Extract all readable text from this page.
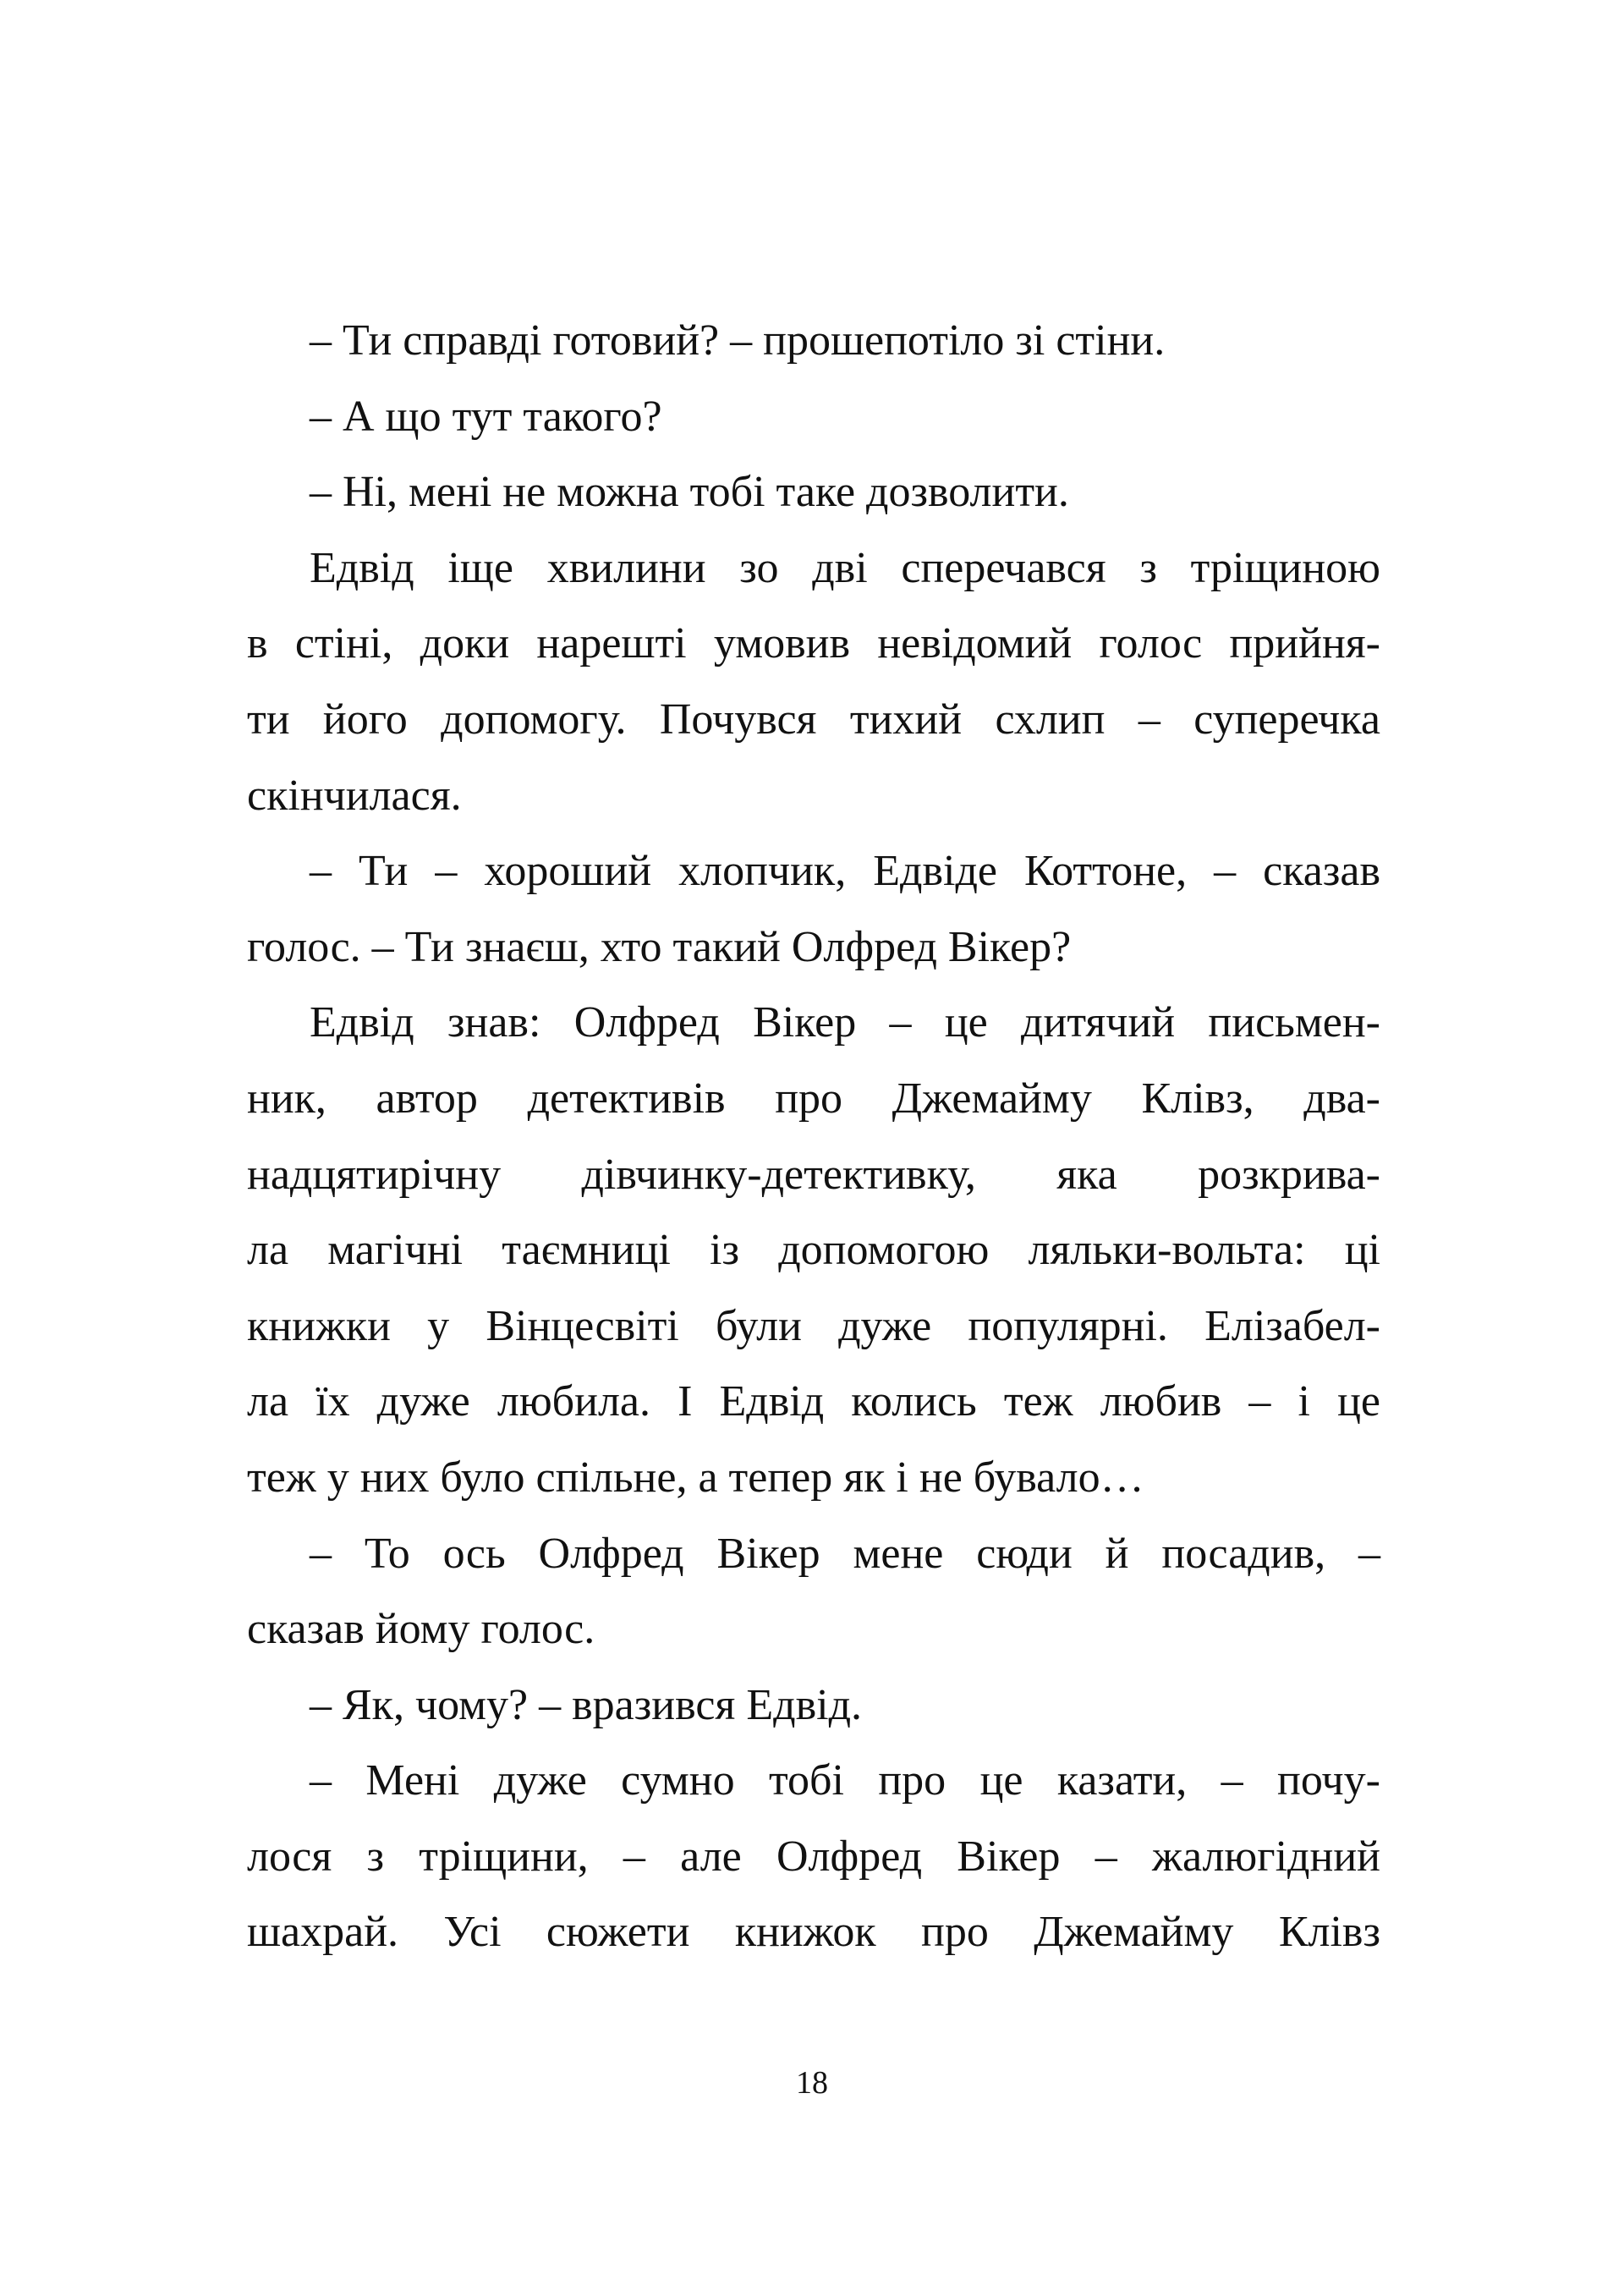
– Ти справді готовий? – прошепотіло зі стіни.
– А що тут такого?
– Ні, мені не можна тобі таке дозволити.
Едвід іще хвилини зо дві сперечався з тріщиною
в стіні, доки нарешті умовив невідомий голос прийня-
ти його допомогу. Почувся тихий схлип – суперечка
скінчилася.
– Ти – хороший хлопчик, Едвіде Коттоне, – сказав
голос. – Ти знаєш, хто такий Олфред Вікер?
Едвід знав: Олфред Вікер – це дитячий письмен-
ник, автор детективів про Джемайму Клівз, два-
надцятирічну дівчинку-детективку, яка розкрива-
ла магічні таємниці із допомогою ляльки-вольта: ці
книжки у Вінцесвіті були дуже популярні. Елізабел-
ла їх дуже любила. І Едвід колись теж любив – і це
теж у них було спільне, а тепер як і не бувало…
– То ось Олфред Вікер мене сюди й посадив, –
сказав йому голос.
– Як, чому? – вразився Едвід.
– Мені дуже сумно тобі про це казати, – почу-
лося з тріщини, – але Олфред Вікер – жалюгідний
шахрай. Усі сюжети книжок про Джемайму Клівз
18
